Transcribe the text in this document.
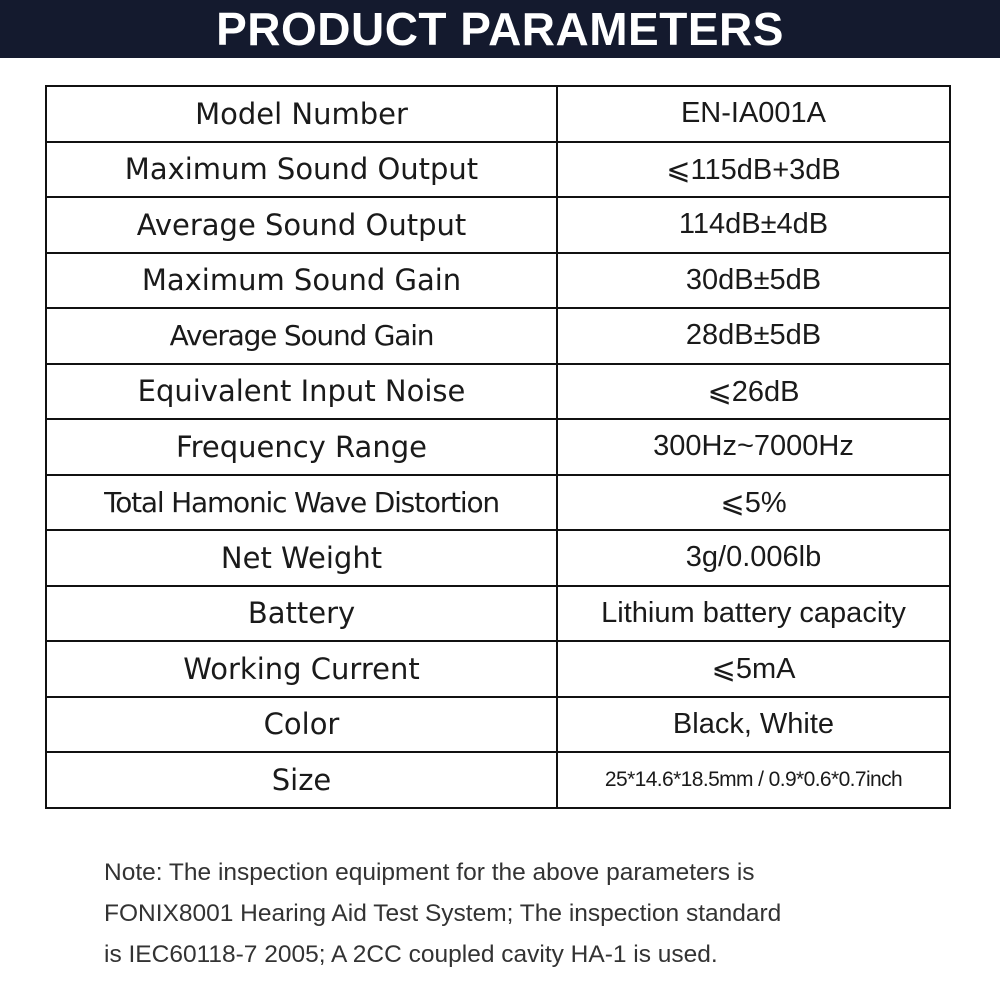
PRODUCT PARAMETERS
Model Number	EN-IA001A
Maximum Sound Output	⩽115dB+3dB
Average Sound Output	114dB±4dB
Maximum Sound Gain	30dB±5dB
Average Sound Gain	28dB±5dB
Equivalent Input Noise	⩽26dB
Frequency Range	300Hz~7000Hz
Total Hamonic Wave Distortion	⩽5%
Net Weight	3g/0.006lb
Battery	Lithium battery capacity
Working Current	⩽5mA
Color	Black, White
Size	25*14.6*18.5mm / 0.9*0.6*0.7inch

Note: The inspection equipment for the above parameters is

FONIX8001 Hearing Aid Test System; The inspection standard

is IEC60118-7 2005; A 2CC coupled cavity HA-1 is used.
